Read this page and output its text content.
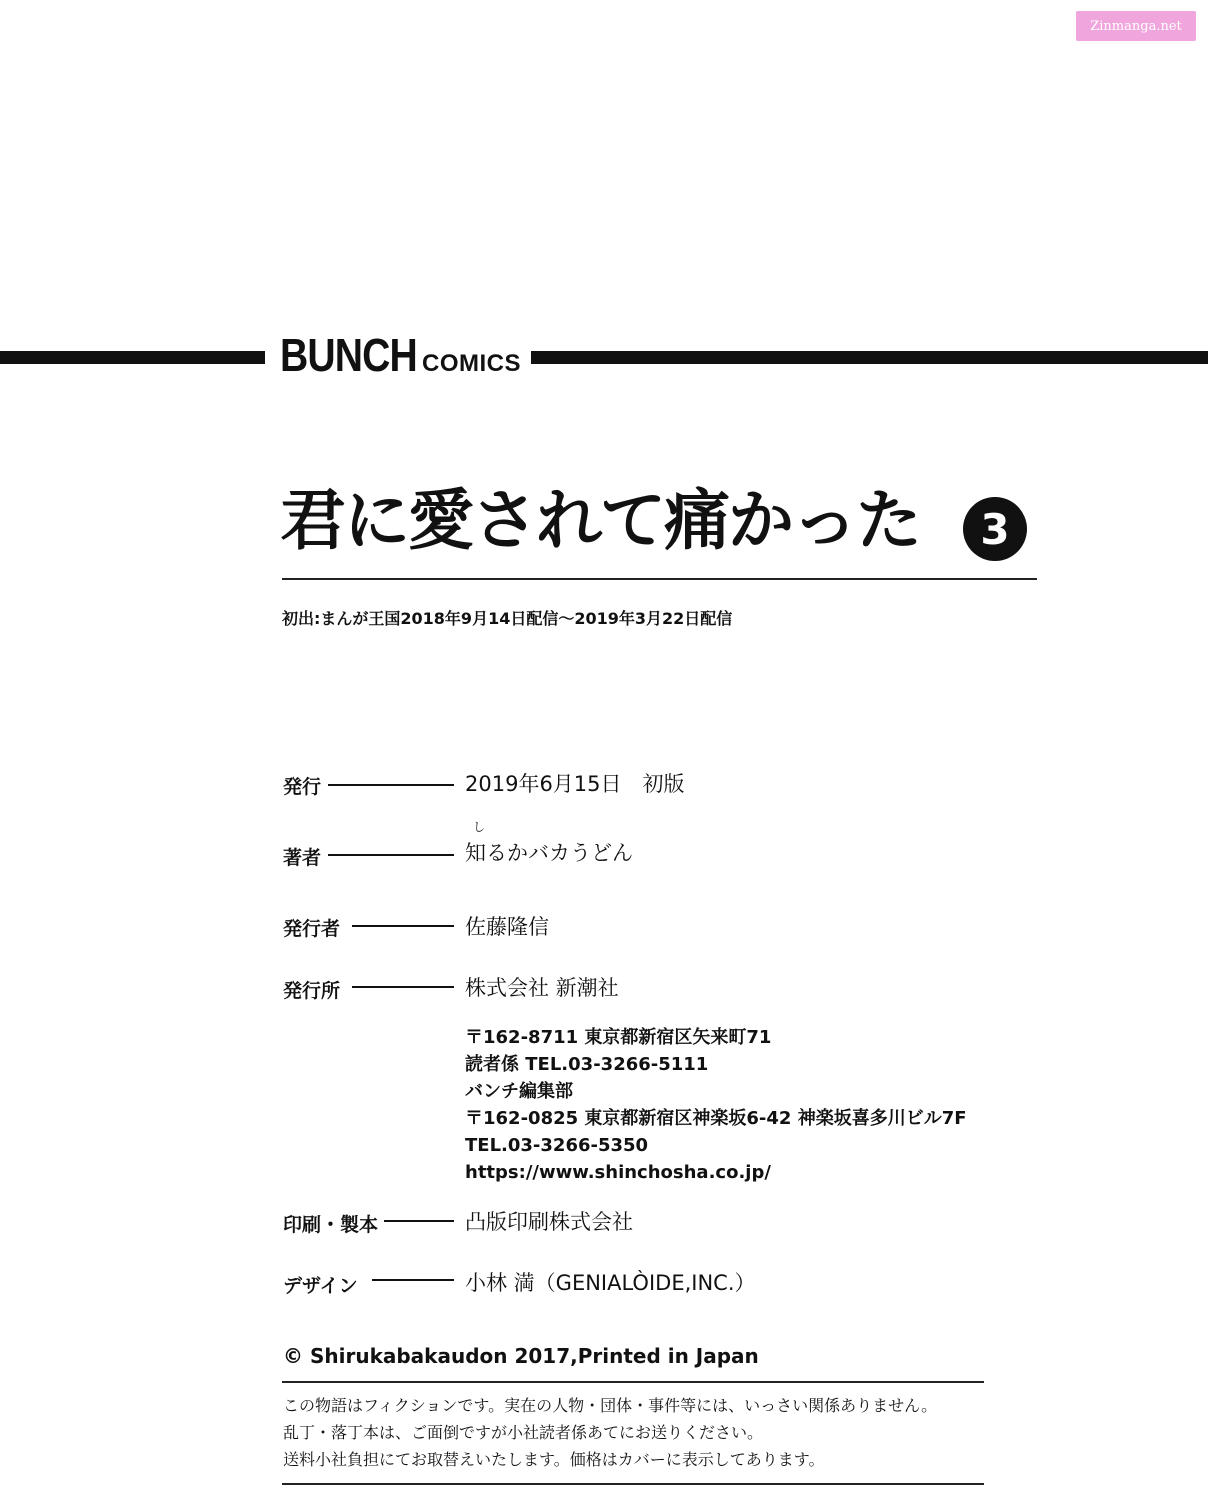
Zinmanga.net
BUNCH COMICS
君に愛されて痛かった	3
初出:まんが王国2018年9月14日配信〜2019年3月22日配信
発行	2019年6月15日　初版
し
著者	知るかバカうどん
発行者	佐藤隆信
発行所	株式会社 新潮社
〒162-8711 東京都新宿区矢来町71
読者係 TEL.03-3266-5111
バンチ編集部
〒162-0825 東京都新宿区神楽坂6-42 神楽坂喜多川ビル7F
TEL.03-3266-5350
https://www.shinchosha.co.jp/
印刷・製本	凸版印刷株式会社
デザイン	小林 満（GENIALÒIDE,INC.）
© Shirukabakaudon 2017,Printed in Japan
この物語はフィクションです。実在の人物・団体・事件等には、いっさい関係ありません。
乱丁・落丁本は、ご面倒ですが小社読者係あてにお送りください。
送料小社負担にてお取替えいたします。価格はカバーに表示してあります。
